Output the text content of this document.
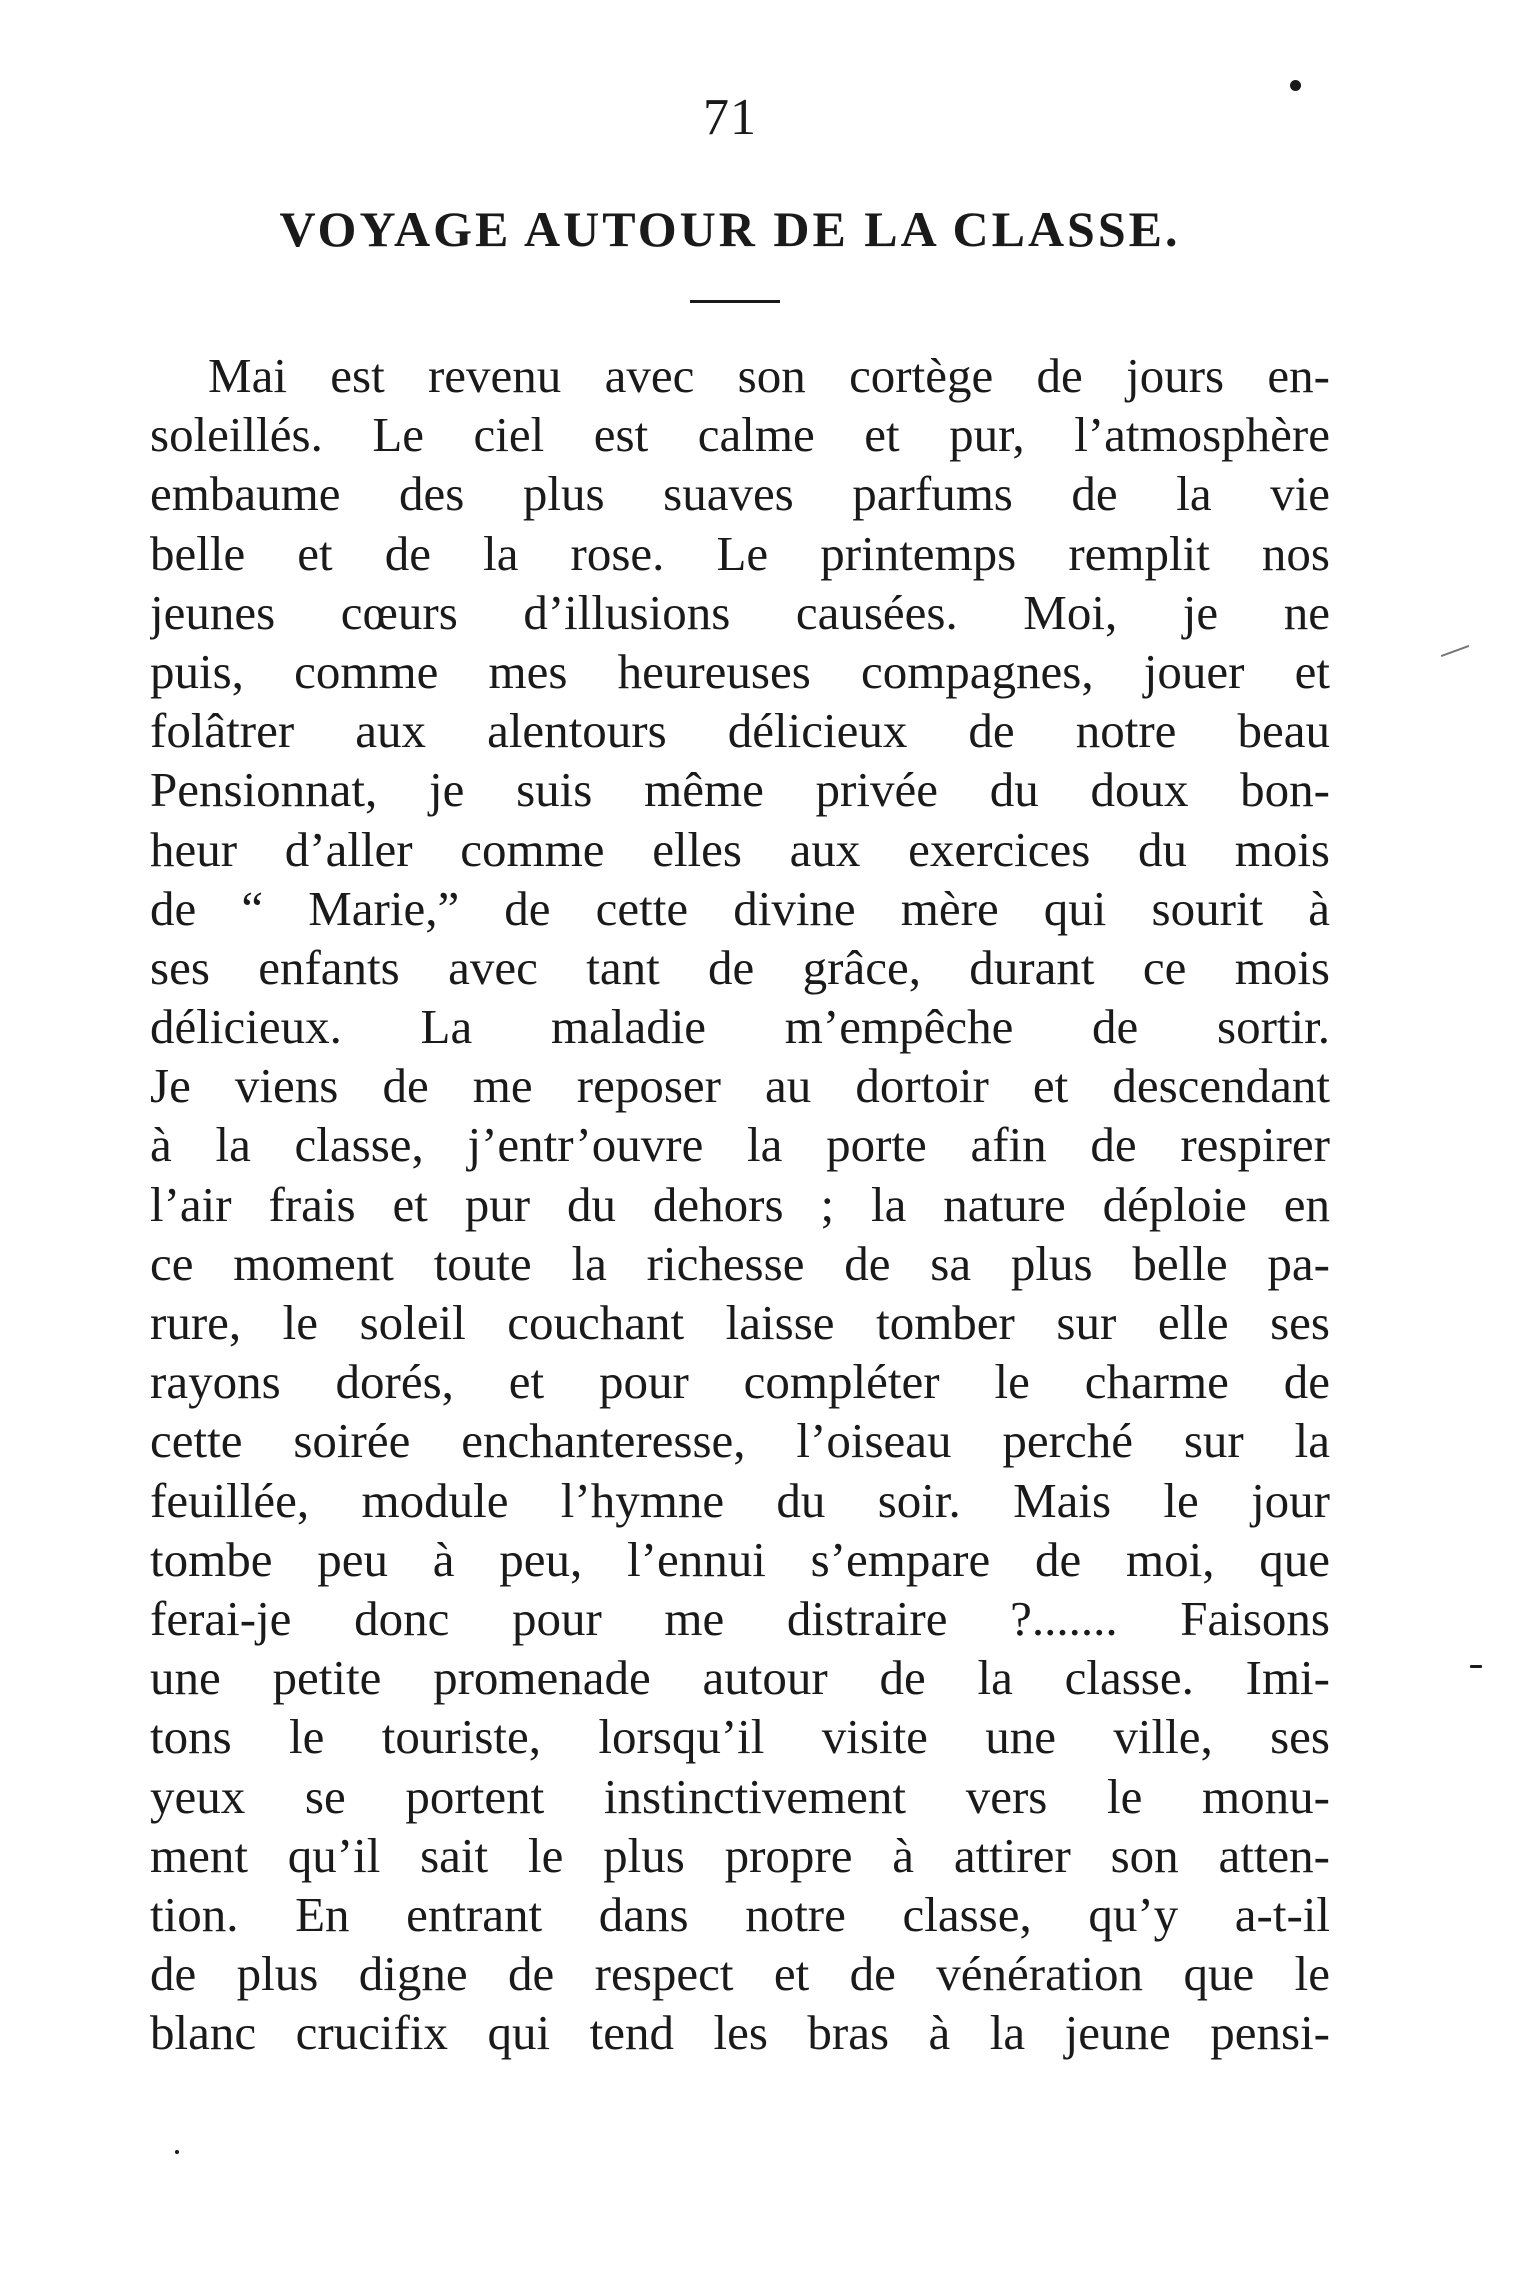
71
VOYAGE AUTOUR DE LA CLASSE.
Mai est revenu avec son cortège de jours en-
soleillés. Le ciel est calme et pur, l’atmosphère
embaume des plus suaves parfums de la vie
belle et de la rose. Le printemps remplit nos
jeunes cœurs d’illusions causées. Moi, je ne
puis, comme mes heureuses compagnes, jouer et
folâtrer aux alentours délicieux de notre beau
Pensionnat, je suis même privée du doux bon-
heur d’aller comme elles aux exercices du mois
de “ Marie,” de cette divine mère qui sourit à
ses enfants avec tant de grâce, durant ce mois
délicieux. La maladie m’empêche de sortir.
Je viens de me reposer au dortoir et descendant
à la classe, j’entr’ouvre la porte afin de respirer
l’air frais et pur du dehors ; la nature déploie en
ce moment toute la richesse de sa plus belle pa-
rure, le soleil couchant laisse tomber sur elle ses
rayons dorés, et pour compléter le charme de
cette soirée enchanteresse, l’oiseau perché sur la
feuillée, module l’hymne du soir. Mais le jour
tombe peu à peu, l’ennui s’empare de moi, que
ferai-je donc pour me distraire ?....... Faisons
une petite promenade autour de la classe. Imi-
tons le touriste, lorsqu’il visite une ville, ses
yeux se portent instinctivement vers le monu-
ment qu’il sait le plus propre à attirer son atten-
tion. En entrant dans notre classe, qu’y a-t-il
de plus digne de respect et de vénération que le
blanc crucifix qui tend les bras à la jeune pensi-
